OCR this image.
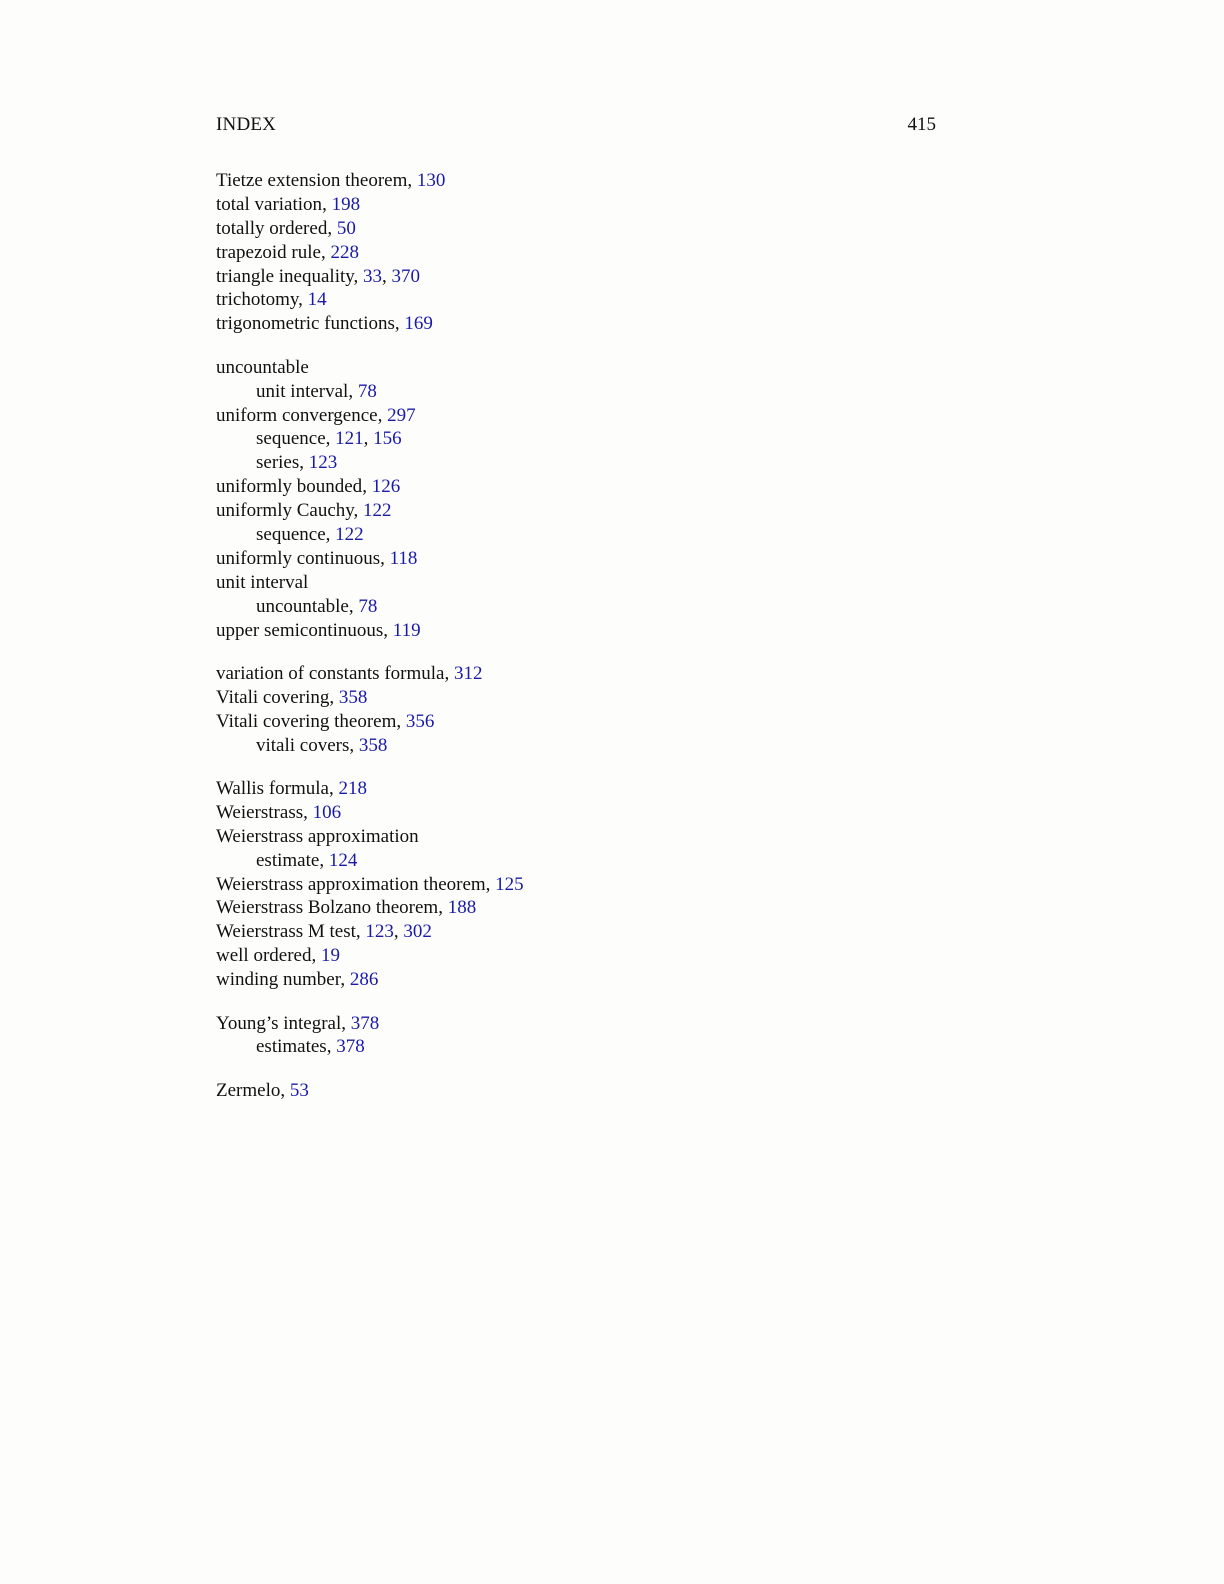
INDEX	415
Tietze extension theorem, 130
total variation, 198
totally ordered, 50
trapezoid rule, 228
triangle inequality, 33, 370
trichotomy, 14
trigonometric functions, 169
uncountable
unit interval, 78
uniform convergence, 297
sequence, 121, 156
series, 123
uniformly bounded, 126
uniformly Cauchy, 122
sequence, 122
uniformly continuous, 118
unit interval
uncountable, 78
upper semicontinuous, 119
variation of constants formula, 312
Vitali covering, 358
Vitali covering theorem, 356
vitali covers, 358
Wallis formula, 218
Weierstrass, 106
Weierstrass approximation
estimate, 124
Weierstrass approximation theorem, 125
Weierstrass Bolzano theorem, 188
Weierstrass M test, 123, 302
well ordered, 19
winding number, 286
Young’s integral, 378
estimates, 378
Zermelo, 53
